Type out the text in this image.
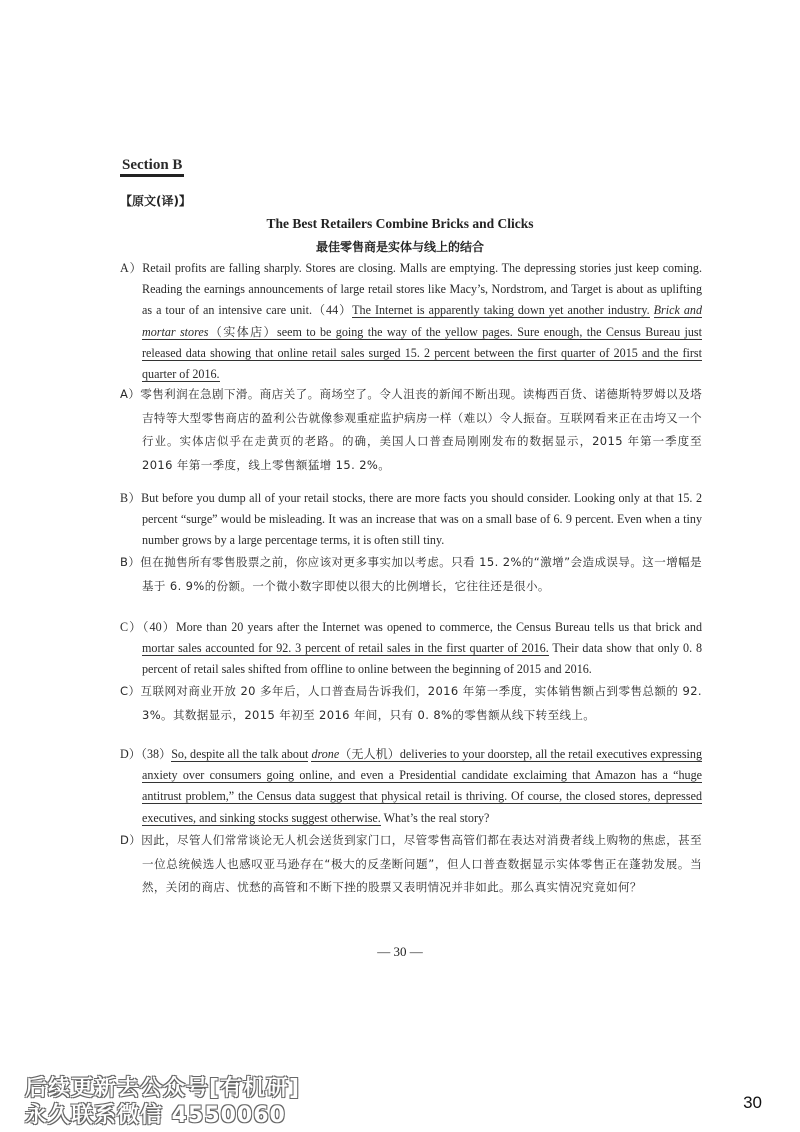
Section B
【原文(译)】
The Best Retailers Combine Bricks and Clicks
最佳零售商是实体与线上的结合
A）Retail profits are falling sharply. Stores are closing. Malls are emptying. The depressing stories just keep coming. Reading the earnings announcements of large retail stores like Macy’s, Nordstrom, and Target is about as uplifting as a tour of an intensive care unit.（44）The Internet is apparently taking down yet another industry. Brick and mortar stores（实体店）seem to be going the way of the yellow pages. Sure enough, the Census Bureau just released data showing that online retail sales surged 15. 2 percent between the first quarter of 2015 and the first quarter of 2016.
A）零售利润在急剧下滑。商店关了。商场空了。令人沮丧的新闻不断出现。读梅西百货、诺德斯特罗姆以及塔吉特等大型零售商店的盈利公告就像参观重症监护病房一样（难以）令人振奋。互联网看来正在击垮又一个行业。实体店似乎在走黄页的老路。的确，美国人口普查局刚刚发布的数据显示，2015 年第一季度至 2016 年第一季度，线上零售额猛增 15. 2%。
B）But before you dump all of your retail stocks, there are more facts you should consider. Looking only at that 15. 2 percent “surge” would be misleading. It was an increase that was on a small base of 6. 9 percent. Even when a tiny number grows by a large percentage terms, it is often still tiny.
B）但在抛售所有零售股票之前，你应该对更多事实加以考虑。只看 15. 2%的“激增”会造成误导。这一增幅是基于 6. 9%的份额。一个微小数字即使以很大的比例增长，它往往还是很小。
C）（40）More than 20 years after the Internet was opened to commerce, the Census Bureau tells us that brick and mortar sales accounted for 92. 3 percent of retail sales in the first quarter of 2016. Their data show that only 0. 8 percent of retail sales shifted from offline to online between the beginning of 2015 and 2016.
C）互联网对商业开放 20 多年后，人口普查局告诉我们，2016 年第一季度，实体销售额占到零售总额的 92. 3%。其数据显示，2015 年初至 2016 年间，只有 0. 8%的零售额从线下转至线上。
D）（38）So, despite all the talk about drone（无人机）deliveries to your doorstep, all the retail executives expressing anxiety over consumers going online, and even a Presidential candidate exclaiming that Amazon has a “huge antitrust problem,” the Census data suggest that physical retail is thriving. Of course, the closed stores, depressed executives, and sinking stocks suggest otherwise. What’s the real story?
D）因此，尽管人们常常谈论无人机会送货到家门口，尽管零售高管们都在表达对消费者线上购物的焦虑，甚至一位总统候选人也感叹亚马逊存在“极大的反垄断问题”，但人口普查数据显示实体零售正在蓬勃发展。当然，关闭的商店、忧愁的高管和不断下挫的股票又表明情况并非如此。那么真实情况究竟如何？
— 30 —
后续更新去公众号[有机研]
永久联系微信 4550060
30
